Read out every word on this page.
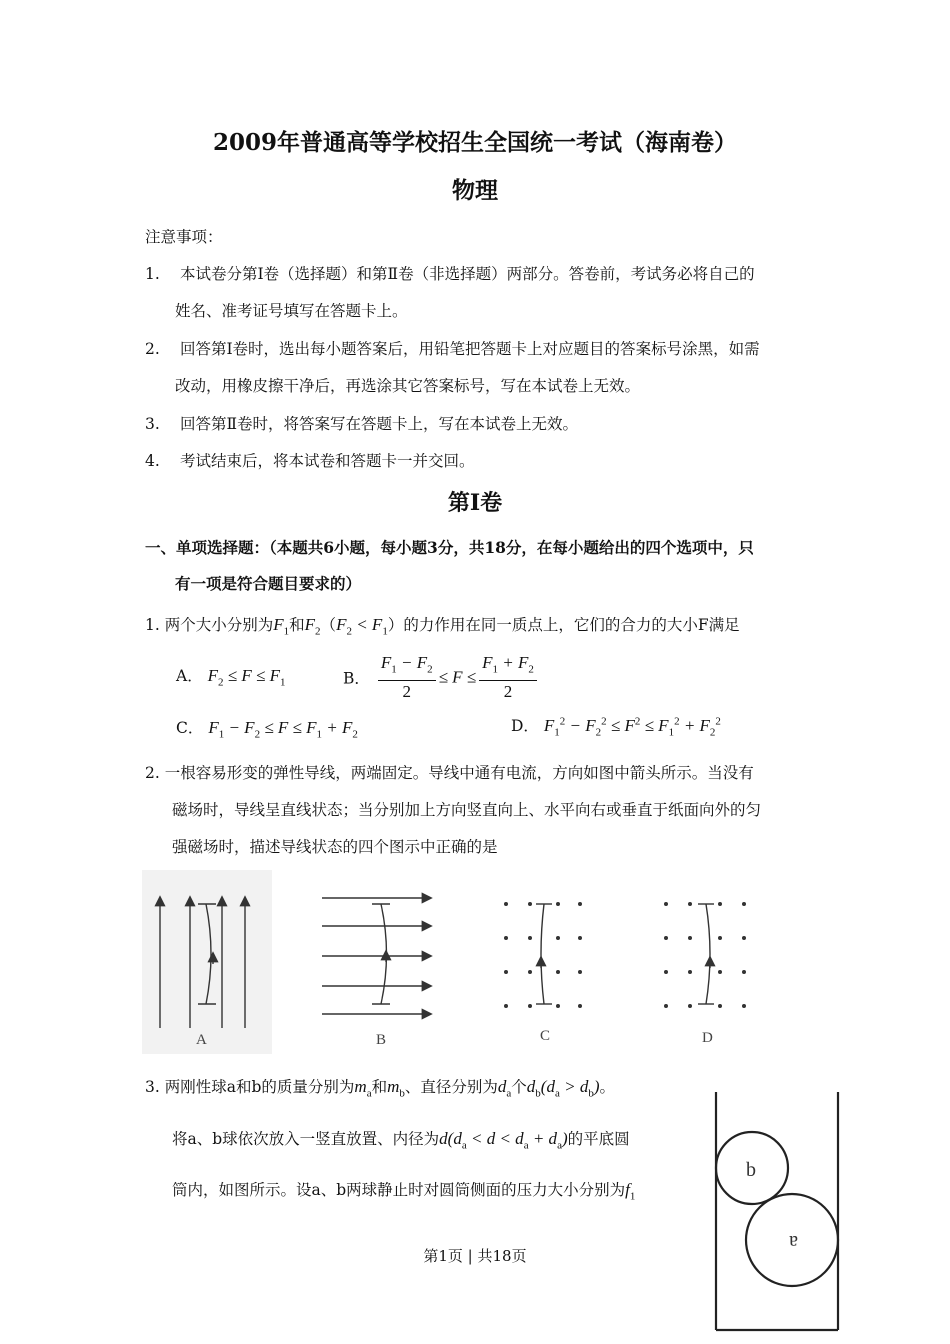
2009年普通高等学校招生全国统一考试（海南卷）
物理
注意事项：
1. 本试卷分第Ⅰ卷（选择题）和第Ⅱ卷（非选择题）两部分。答卷前，考试务必将自己的
姓名、准考证号填写在答题卡上。
2. 回答第Ⅰ卷时，选出每小题答案后，用铅笔把答题卡上对应题目的答案标号涂黑，如需
改动，用橡皮擦干净后，再选涂其它答案标号，写在本试卷上无效。
3. 回答第Ⅱ卷时，将答案写在答题卡上，写在本试卷上无效。
4. 考试结束后，将本试卷和答题卡一并交回。
第Ⅰ卷
一、单项选择题：（本题共6小题，每小题3分，共18分，在每小题给出的四个选项中，只
有一项是符合题目要求的）
1. 两个大小分别为$F_1$和$F_2(F_2 < F_1)$的力作用在同一质点上，它们的合力的大小F满足
A． $F_2 \le F \le F_1$	B． $\frac{F_1 - F_2}{2} \le F \le \frac{F_1 + F_2}{2}$
C． $F_1 - F_2 \le F \le F_1 + F_2$	D． $F_1^2 - F_2^2 \le F^2 \le F_1^2 + F_2^2$
2. 一根容易形变的弹性导线，两端固定。导线中通有电流，方向如图中箭头所示。当没有
磁场时，导线呈直线状态；当分别加上方向竖直向上、水平向右或垂直于纸面向外的匀
强磁场时，描述导线状态的四个图示中正确的是
A	B	C	D
3. 两刚性球a和b的质量分别为$m_a$和$m_b$、直径分别为$d_a$个$d_b(d_a > d_b)$。
将a、b球依次放入一竖直放置、内径为$d(d_a < d < d_a + d_a)$的平底圆
筒内，如图所示。设a、b两球静止时对圆筒侧面的压力大小分别为$f_1$
b
a
第1页 | 共18页
